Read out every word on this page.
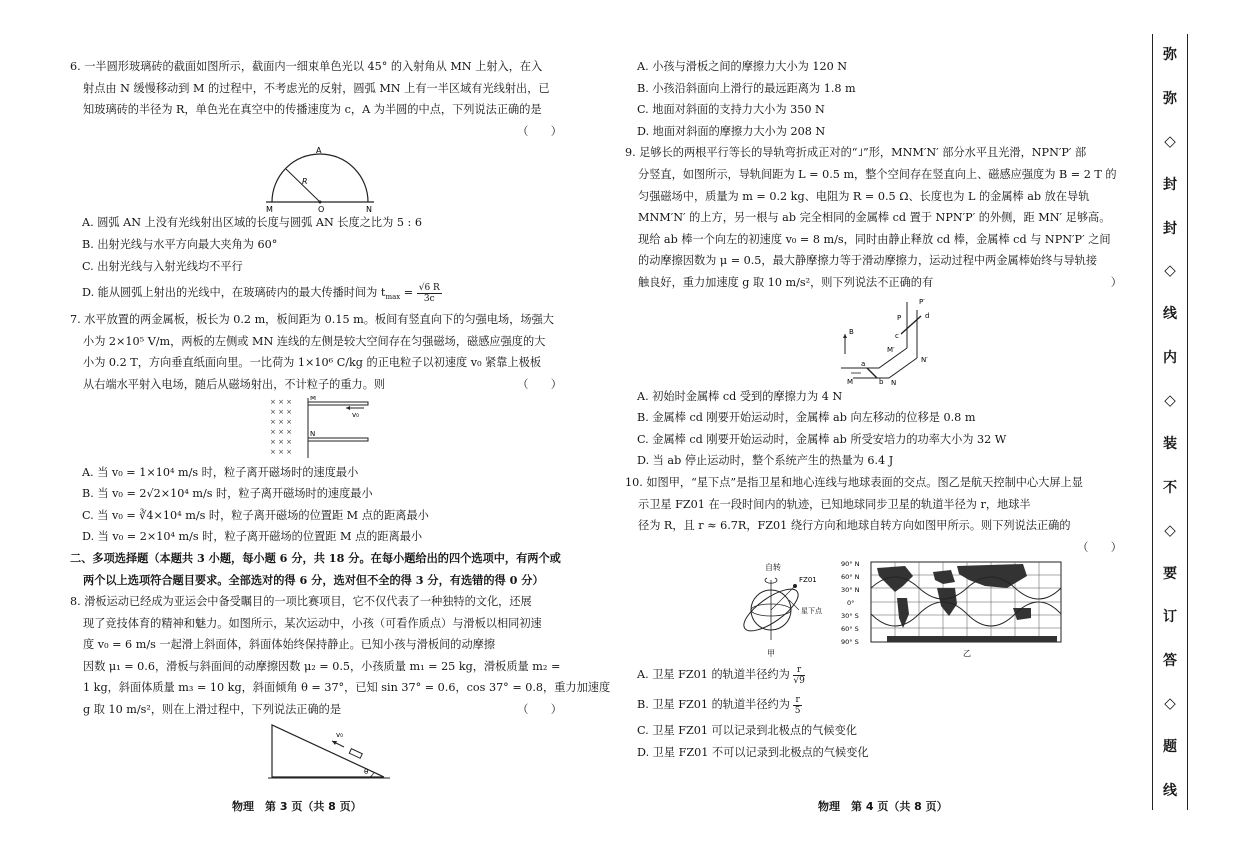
6. 一半圆形玻璃砖的截面如图所示，截面内一细束单色光以 45° 的入射角从 MN 上射入，在入
射点由 N 缓慢移动到 M 的过程中，不考虑光的反射，圆弧 MN 上有一半区域有光线射出，已
知玻璃砖的半径为 R，单色光在真空中的传播速度为 c，A 为半圆的中点，下列说法正确的是
（　　）
A
R
M	O	N
A. 圆弧 AN 上没有光线射出区域的长度与圆弧 AN 长度之比为 5 : 6
B. 出射光线与水平方向最大夹角为 60°
C. 出射光线与入射光线均不平行
D. 能从圆弧上射出的光线中，在玻璃砖内的最大传播时间为 $t_{max} = \frac{√6 R}{3c}$
7. 水平放置的两金属板，板长为 0.2 m，板间距为 0.15 m。板间有竖直向下的匀强电场，场强大
小为 2×10⁵ V/m，两板的左侧或 MN 连线的左侧是较大空间存在匀强磁场，磁感应强度的大
小为 0.2 T，方向垂直纸面向里。一比荷为 1×10⁶ C/kg 的正电粒子以初速度 v₀ 紧靠上极板
从右端水平射入电场，随后从磁场射出，不计粒子的重力。则	（　　）
× × ×
× × ×
× × ×
× × ×
× × ×
× × ×
M
N
v₀
A. 当 v₀ = 1×10⁴ m/s 时，粒子离开磁场时的速度最小
B. 当 v₀ = 2√2×10⁴ m/s 时，粒子离开磁场时的速度最小
C. 当 v₀ = ∛4×10⁴ m/s 时，粒子离开磁场的位置距 M 点的距离最小
D. 当 v₀ = 2×10⁴ m/s 时，粒子离开磁场的位置距 M 点的距离最小
二、多项选择题（本题共 3 小题，每小题 6 分，共 18 分。在每小题给出的四个选项中，有两个或
两个以上选项符合题目要求。全部选对的得 6 分，选对但不全的得 3 分，有选错的得 0 分）
8. 滑板运动已经成为亚运会中备受瞩目的一项比赛项目，它不仅代表了一种独特的文化，还展
现了竞技体育的精神和魅力。如图所示，某次运动中，小孩（可看作质点）与滑板以相同初速
度 v₀ = 6 m/s 一起滑上斜面体，斜面体始终保持静止。已知小孩与滑板间的动摩擦
因数 μ₁ = 0.6，滑板与斜面间的动摩擦因数 μ₂ = 0.5，小孩质量 m₁ = 25 kg，滑板质量 m₂ =
1 kg，斜面体质量 m₃ = 10 kg，斜面倾角 θ = 37°，已知 sin 37° = 0.6，cos 37° = 0.8，重力加速度
g 取 10 m/s²，则在上滑过程中，下列说法正确的是	（　　）
v₀
θ
A. 小孩与滑板之间的摩擦力大小为 120 N
B. 小孩沿斜面向上滑行的最远距离为 1.8 m
C. 地面对斜面的支持力大小为 350 N
D. 地面对斜面的摩擦力大小为 208 N
9. 足够长的两根平行等长的导轨弯折成正对的“˩”形，MNM′N′ 部分水平且光滑，NPN′P′ 部
分竖直，如图所示，导轨间距为 L = 0.5 m，整个空间存在竖直向上、磁感应强度为 B = 2 T 的
匀强磁场中，质量为 m = 0.2 kg、电阻为 R = 0.5 Ω、长度也为 L 的金属棒 ab 放在导轨
MNM′N′ 的上方，另一根与 ab 完全相同的金属棒 cd 置于 NPN′P′ 的外侧，距 MN′ 足够高。
现给 ab 棒一个向左的初速度 v₀ = 8 m/s，同时由静止释放 cd 棒，金属棒 cd 与 NPN′P′ 之间
的动摩擦因数为 μ = 0.5，最大静摩擦力等于滑动摩擦力，运动过程中两金属棒始终与导轨接
触良好，重力加速度 g 取 10 m/s²，则下列说法不正确的有	）
B
P′
P
c
d
M′
N′
a
b
M	N
A. 初始时金属棒 cd 受到的摩擦力为 4 N
B. 金属棒 cd 刚要开始运动时，金属棒 ab 向左移动的位移是 0.8 m
C. 金属棒 cd 刚要开始运动时，金属棒 ab 所受安培力的功率大小为 32 W
D. 当 ab 停止运动时，整个系统产生的热量为 6.4 J
10. 如图甲，“星下点”是指卫星和地心连线与地球表面的交点。图乙是航天控制中心大屏上显
示卫星 FZ01 在一段时间内的轨迹，已知地球同步卫星的轨道半径为 r，地球半
径为 R，且 r ≈ 6.7R，FZ01 绕行方向和地球自转方向如图甲所示。则下列说法正确的
（　　）
自转
FZ01
星下点
甲
90° N
60° N
30° N
0°
30° S
60° S
90° S
乙
A. 卫星 FZ01 的轨道半径约为 $\frac{r}{√9}$
B. 卫星 FZ01 的轨道半径约为 $\frac{r}{5}$
C. 卫星 FZ01 可以记录到北极点的气候变化
D. 卫星 FZ01 不可以记录到北极点的气候变化
物理　第 3 页（共 8 页）	物理　第 4 页（共 8 页）
弥
弥
◇
封
封
◇
线
内
◇
装
不
◇
要
订
答
◇
题
线
